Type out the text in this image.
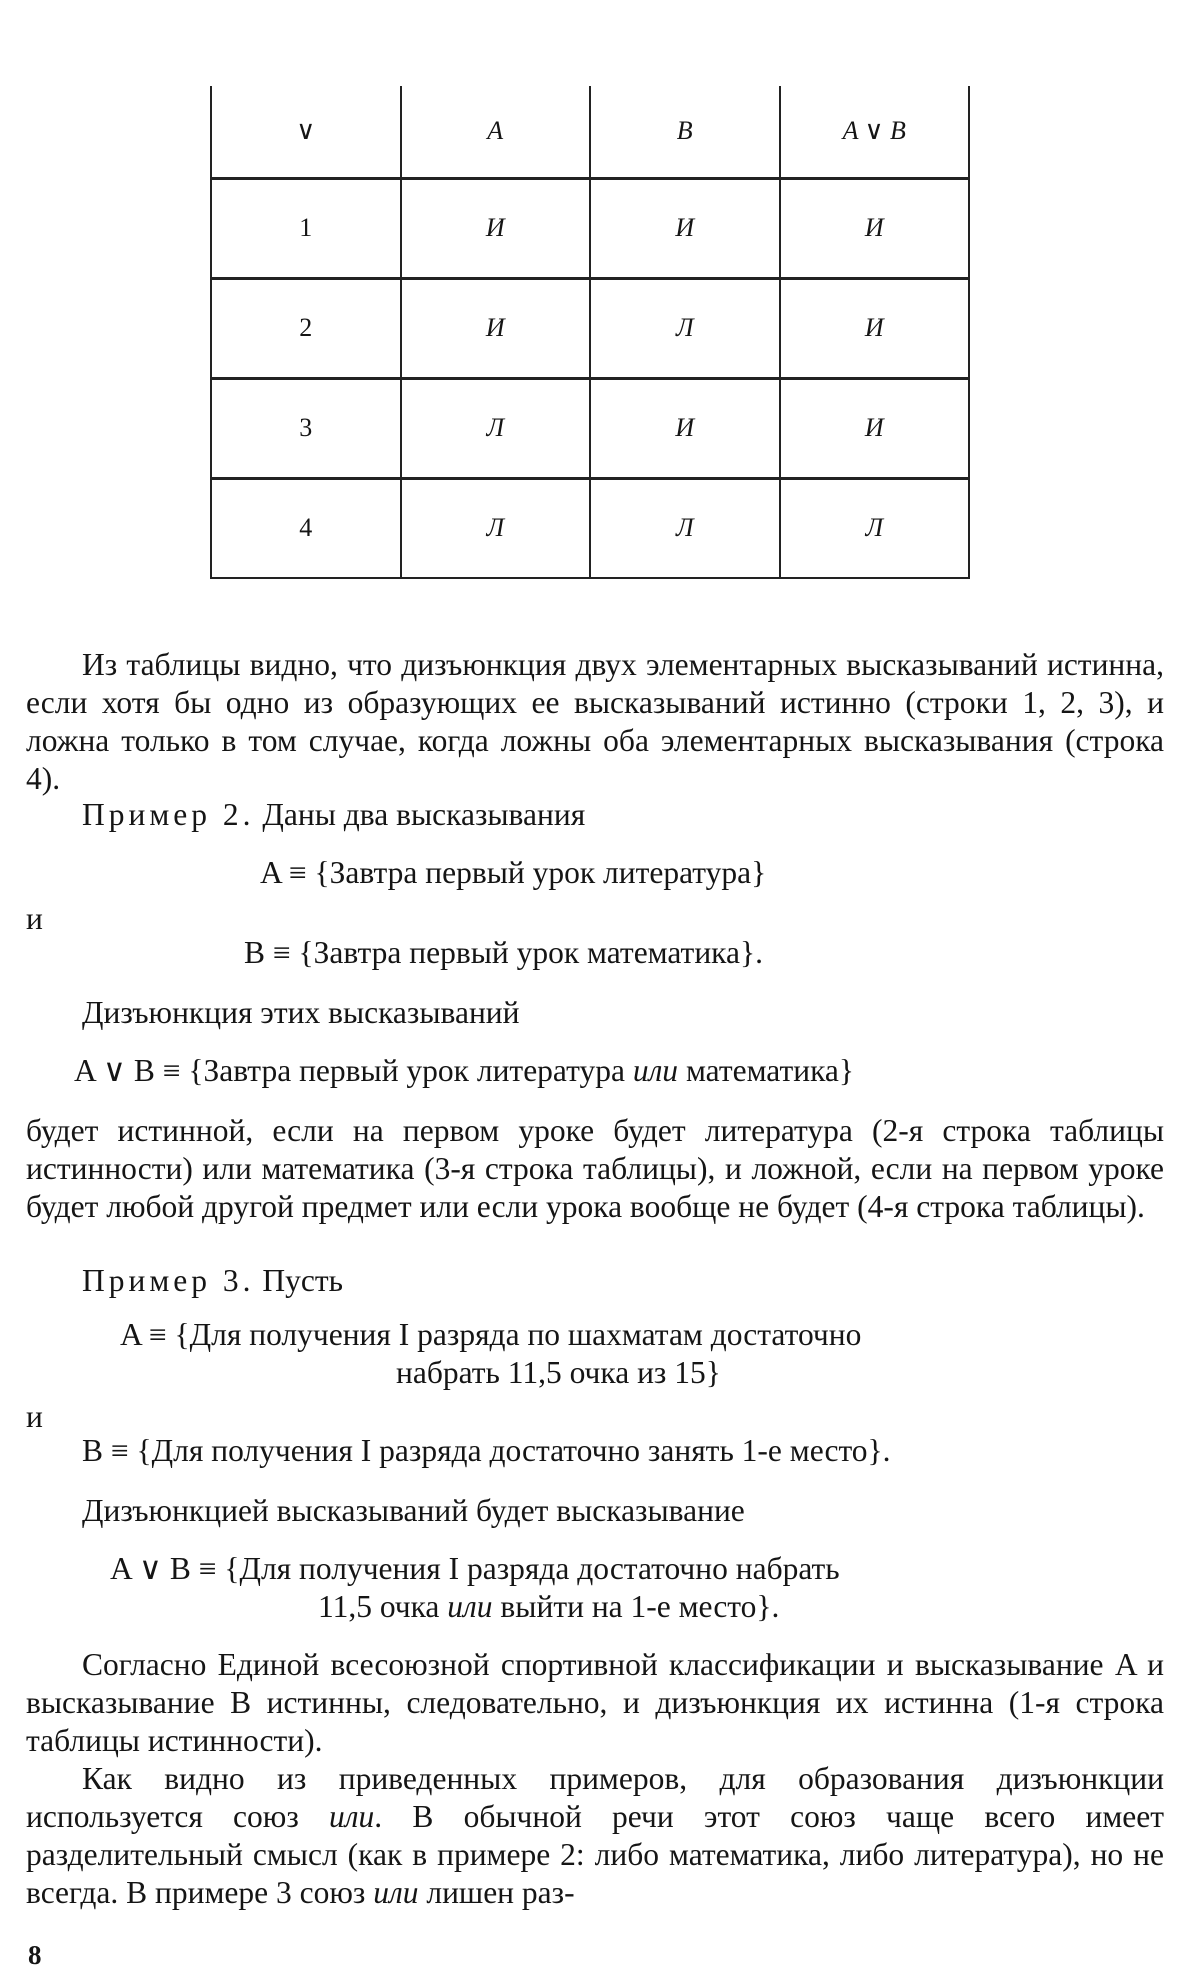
∨	A	B	A ∨ B
1	И	И	И
2	И	Л	И
3	Л	И	И
4	Л	Л	Л
Из таблицы видно, что дизъюнкция двух элементарных высказываний истинна, если хотя бы одно из образующих ее высказываний истинно (строки 1, 2, 3), и ложна только в том случае, когда ложны оба элементарных высказывания (строка 4).
Пример 2. Даны два высказывания
A ≡ {Завтра первый урок литература}
и
B ≡ {Завтра первый урок математика}.
Дизъюнкция этих высказываний
A ∨ B ≡ {Завтра первый урок литература или математика}
будет истинной, если на первом уроке будет литература (2-я строка таблицы истинности) или математика (3-я строка таблицы), и ложной, если на первом уроке будет любой другой предмет или если урока вообще не будет (4-я строка таблицы).
Пример 3. Пусть
A ≡ {Для получения I разряда по шахматам достаточно
набрать 11,5 очка из 15}
и
B ≡ {Для получения I разряда достаточно занять 1-е место}.
Дизъюнкцией высказываний будет высказывание
A ∨ B ≡ {Для получения I разряда достаточно набрать
11,5 очка или выйти на 1-е место}.
Согласно Единой всесоюзной спортивной классификации и высказывание A и высказывание B истинны, следовательно, и дизъюнкция их истинна (1-я строка таблицы истинности).
Как видно из приведенных примеров, для образования дизъюнкции используется союз или. В обычной речи этот союз чаще всего имеет разделительный смысл (как в примере 2: либо математика, либо литература), но не всегда. В примере 3 союз или лишен раз-
8
